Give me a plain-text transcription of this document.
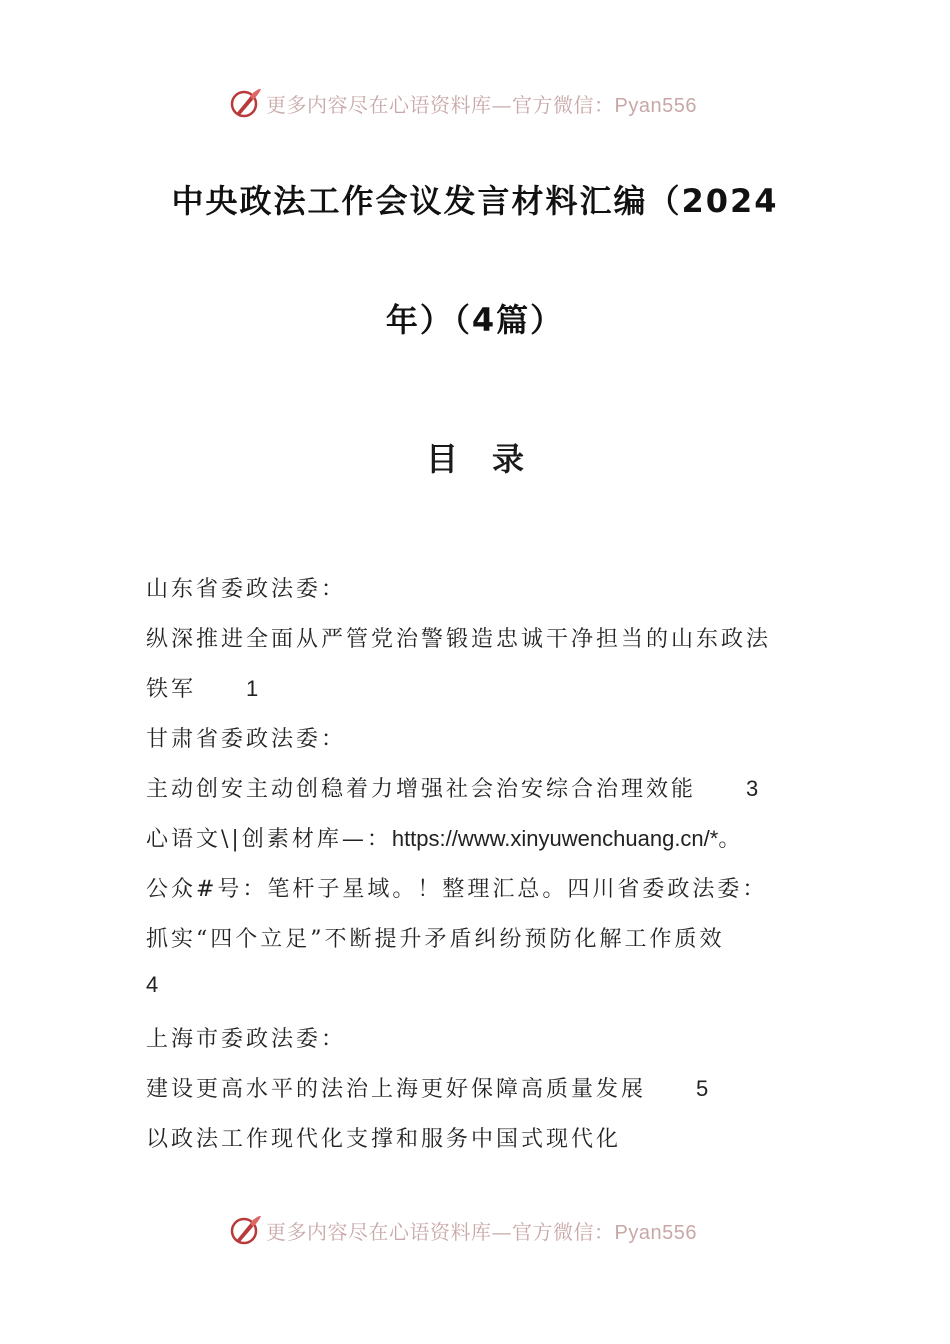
更多内容尽在心语资料库—官方微信：Pyan556
中央政法工作会议发言材料汇编（2024
年）（4篇）
目录
山东省委政法委：
纵深推进全面从严管党治警锻造忠诚干净担当的山东政法
铁军 1
甘肃省委政法委：
主动创安主动创稳着力增强社会治安综合治理效能 3
心语文\|创素材库—：https://www.xinyuwenchuang.cn/*。
公众#号：笔杆子星域。！整理汇总。四川省委政法委：
抓实“四个立足”不断提升矛盾纠纷预防化解工作质效
4
上海市委政法委：
建设更高水平的法治上海更好保障高质量发展 5
以政法工作现代化支撑和服务中国式现代化
更多内容尽在心语资料库—官方微信：Pyan556
